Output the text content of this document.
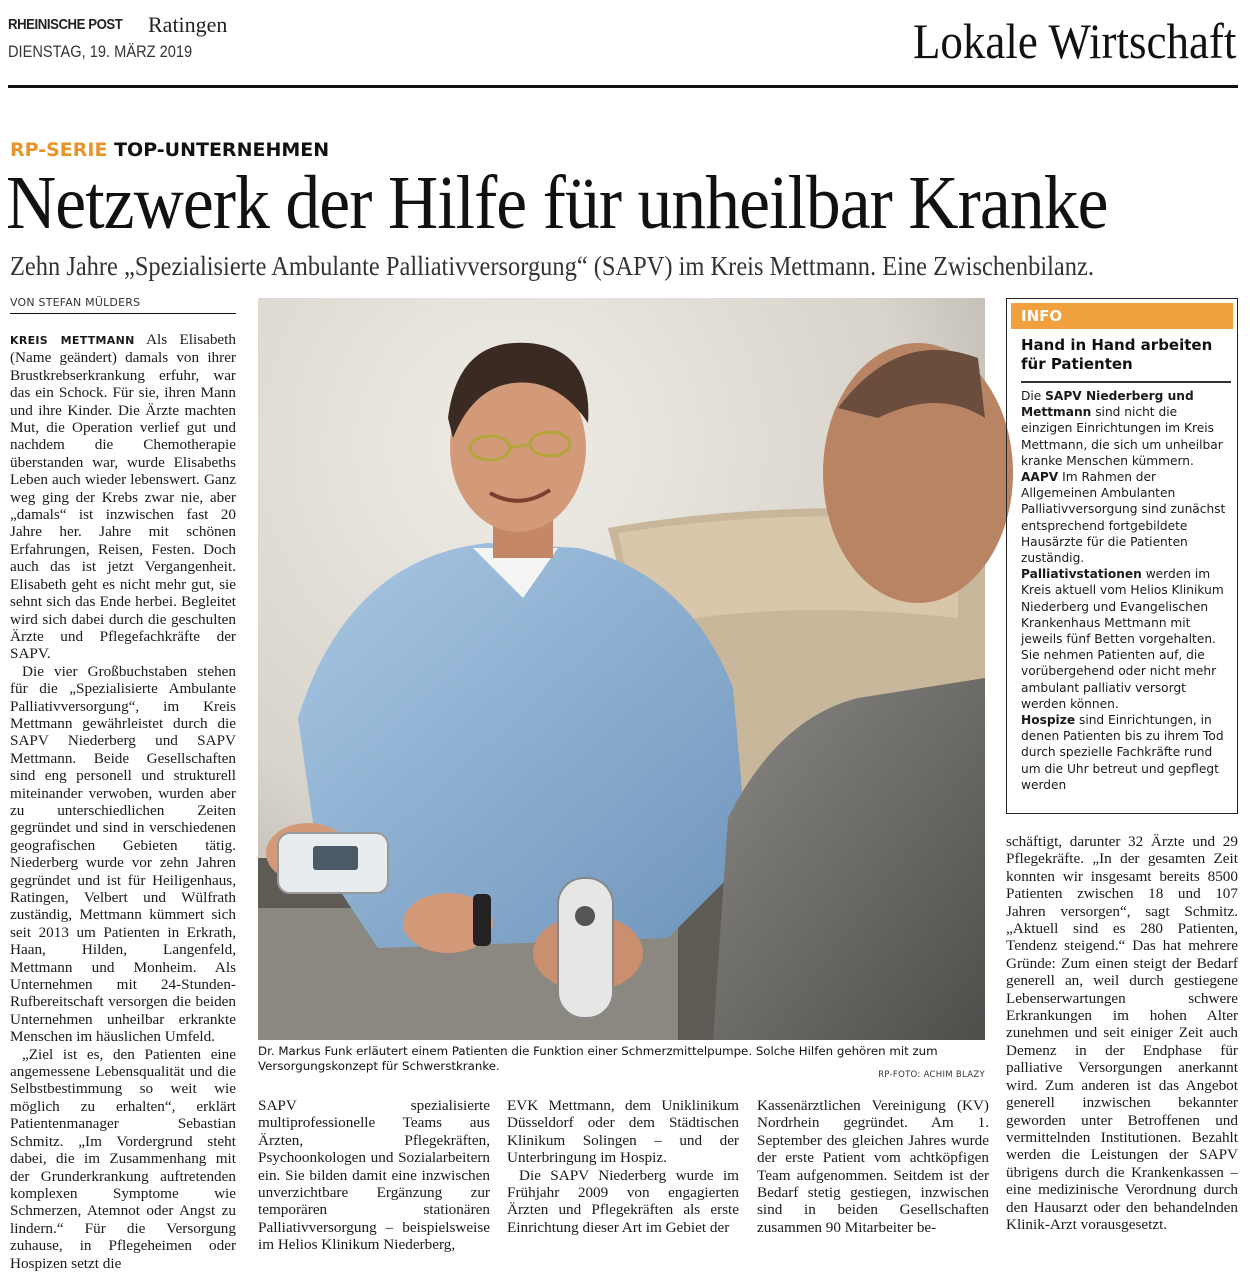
RHEINISCHE POST Ratingen
DIENSTAG, 19. MÄRZ 2019	Lokale Wirtschaft
RP-SERIE TOP-UNTERNEHMEN
Netzwerk der Hilfe für unheilbar Kranke
Zehn Jahre „Spezialisierte Ambulante Palliativversorgung“ (SAPV) im Kreis Mettmann. Eine Zwischenbilanz.
VON STEFAN MÜLDERS

KREIS METTMANN Als Elisabeth (Name geändert) damals von ihrer Brustkrebserkrankung erfuhr, war das ein Schock. Für sie, ihren Mann und ihre Kinder. Die Ärzte machten Mut, die Operation verlief gut und nachdem die Chemotherapie überstanden war, wurde Elisabeths Leben auch wieder lebenswert. Ganz weg ging der Krebs zwar nie, aber „damals“ ist inzwischen fast 20 Jahre her. Jahre mit schönen Erfahrungen, Reisen, Festen. Doch auch das ist jetzt Vergangenheit. Elisabeth geht es nicht mehr gut, sie sehnt sich das Ende herbei. Begleitet wird sich dabei durch die geschulten Ärzte und Pflegefachkräfte der SAPV.

Die vier Großbuchstaben stehen für die „Spezialisierte Ambulante Palliativversorgung“, im Kreis Mettmann gewährleistet durch die SAPV Niederberg und SAPV Mettmann. Beide Gesellschaften sind eng personell und strukturell miteinander verwoben, wurden aber zu unterschiedlichen Zeiten gegründet und sind in verschiedenen geografischen Gebieten tätig. Niederberg wurde vor zehn Jahren gegründet und ist für Heiligenhaus, Ratingen, Velbert und Wülfrath zuständig, Mettmann kümmert sich seit 2013 um Patienten in Erkrath, Haan, Hilden, Langenfeld, Mettmann und Monheim. Als Unternehmen mit 24-Stunden-Rufbereitschaft versorgen die beiden Unternehmen unheilbar erkrankte Menschen im häuslichen Umfeld.

„Ziel ist es, den Patienten eine angemessene Lebensqualität und die Selbstbestimmung so weit wie möglich zu erhalten“, erklärt Patientenmanager Sebastian Schmitz. „Im Vordergrund steht dabei, die im Zusammenhang mit der Grunderkrankung auftretenden komplexen Symptome wie Schmerzen, Atemnot oder Angst zu lindern.“ Für die Versorgung zuhause, in Pflegeheimen oder Hospizen setzt die

Dr. Markus Funk erläutert einem Patienten die Funktion einer Schmerzmittelpumpe. Solche Hilfen gehören mit zum Versorgungskonzept für Schwerstkranke.
RP-FOTO: ACHIM BLAZY
INFO
Hand in Hand arbeiten für Patienten
Die SAPV Niederberg und Mettmann sind nicht die einzigen Einrichtungen im Kreis Mettmann, die sich um unheilbar kranke Menschen kümmern.
AAPV Im Rahmen der Allgemeinen Ambulanten Palliativversorgung sind zunächst entsprechend fortgebildete Hausärzte für die Patienten zuständig.
Palliativstationen werden im Kreis aktuell vom Helios Klinikum Niederberg und Evangelischen Krankenhaus Mettmann mit jeweils fünf Betten vorgehalten. Sie nehmen Patienten auf, die vorübergehend oder nicht mehr ambulant palliativ versorgt werden können.
Hospize sind Einrichtungen, in denen Patienten bis zu ihrem Tod durch spezielle Fachkräfte rund um die Uhr betreut und gepflegt werden

SAPV spezialisierte multiprofessionelle Teams aus Ärzten, Pflegekräften, Psychoonkologen und Sozialarbeitern ein. Sie bilden damit eine inzwischen unverzichtbare Ergänzung zur temporären stationären Palliativversorgung – beispielsweise im Helios Klinikum Niederberg,

EVK Mettmann, dem Uniklinikum Düsseldorf oder dem Städtischen Klinikum Solingen – und der Unterbringung im Hospiz.

Die SAPV Niederberg wurde im Frühjahr 2009 von engagierten Ärzten und Pflegekräften als erste Einrichtung dieser Art im Gebiet der

Kassenärztlichen Vereinigung (KV) Nordrhein gegründet. Am 1. September des gleichen Jahres wurde der erste Patient vom achtköpfigen Team aufgenommen. Seitdem ist der Bedarf stetig gestiegen, inzwischen sind in beiden Gesellschaften zusammen 90 Mitarbeiter be-

schäftigt, darunter 32 Ärzte und 29 Pflegekräfte. „In der gesamten Zeit konnten wir insgesamt bereits 8500 Patienten zwischen 18 und 107 Jahren versorgen“, sagt Schmitz. „Aktuell sind es 280 Patienten, Tendenz steigend.“ Das hat mehrere Gründe: Zum einen steigt der Bedarf generell an, weil durch gestiegene Lebenserwartungen schwere Erkrankungen im hohen Alter zunehmen und seit einiger Zeit auch Demenz in der Endphase für palliative Versorgungen anerkannt wird. Zum anderen ist das Angebot generell inzwischen bekannter geworden unter Betroffenen und vermittelnden Institutionen. Bezahlt werden die Leistungen der SAPV übrigens durch die Krankenkassen – eine medizinische Verordnung durch den Hausarzt oder den behandelnden Klinik-Arzt vorausgesetzt.
